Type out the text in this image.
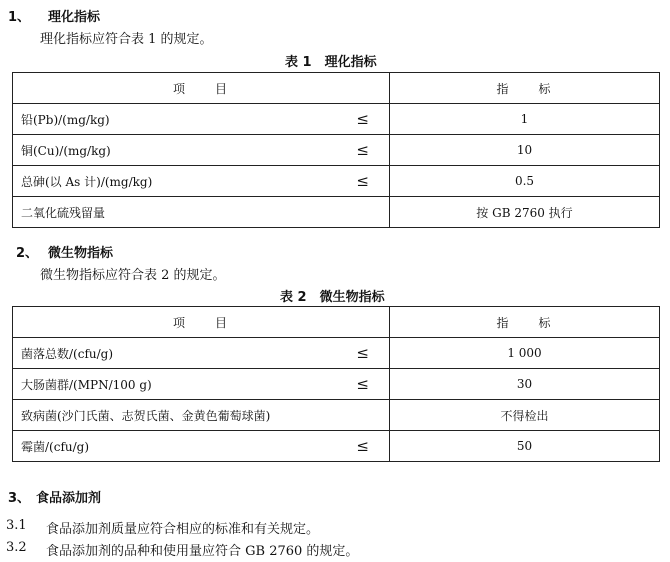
1、 理化指标
理化指标应符合表 1 的规定。
表 1　理化指标
项　　目	指　　标
铅(Pb)/(mg/kg) ≤	1
铜(Cu)/(mg/kg) ≤	10
总砷(以 As 计)/(mg/kg) ≤	0.5
二氧化硫残留量	按 GB 2760 执行
2、 微生物指标
微生物指标应符合表 2 的规定。
表 2　微生物指标
项　　目	指　　标
菌落总数/(cfu/g) ≤	1 000
大肠菌群/(MPN/100 g) ≤	30
致病菌(沙门氏菌、志贺氏菌、金黄色葡萄球菌)	不得检出
霉菌/(cfu/g) ≤	50
3、 食品添加剂
3.1 食品添加剂质量应符合相应的标准和有关规定。
3.2 食品添加剂的品种和使用量应符合 GB 2760 的规定。
